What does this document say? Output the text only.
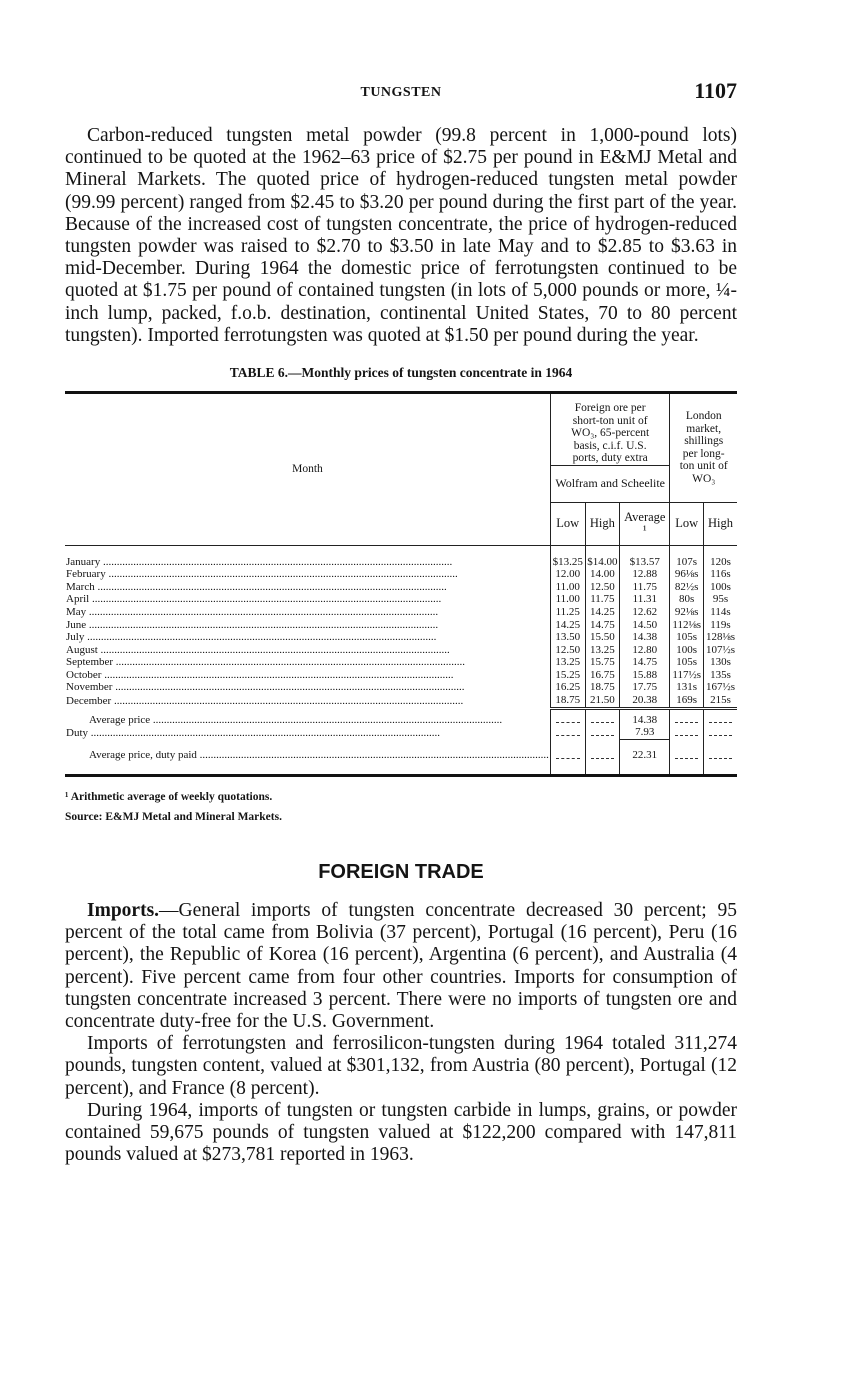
TUNGSTEN	1107

Carbon-reduced tungsten metal powder (99.8 percent in 1,000-pound lots) continued to be quoted at the 1962–63 price of $2.75 per pound in E&MJ Metal and Mineral Markets. The quoted price of hydrogen-reduced tungsten metal powder (99.99 percent) ranged from $2.45 to $3.20 per pound during the first part of the year. Because of the increased cost of tungsten concentrate, the price of hydrogen-reduced tungsten powder was raised to $2.70 to $3.50 in late May and to $2.85 to $3.63 in mid-December. During 1964 the domestic price of ferrotungsten continued to be quoted at $1.75 per pound of contained tungsten (in lots of 5,000 pounds or more, ¼-inch lump, packed, f.o.b. destination, continental United States, 70 to 80 percent tungsten). Imported ferrotungsten was quoted at $1.50 per pound during the year.

TABLE 6.—Monthly prices of tungsten concentrate in 1964
Month	Foreign ore per short-ton unit of WO₃, 65-percent basis, c.i.f. U.S. ports, duty extra			London market, shillings per long-ton unit of WO₃	
	Wolfram and Scheelite				
	Low	High	Average ¹	Low	High

January .....	$13.25	$14.00	$13.57	107s	120s
February .....	12.00	14.00	12.88	96⅛s	116s
March .....	11.00	12.50	11.75	82½s	100s
April .....	11.00	11.75	11.31	80s	95s
May .....	11.25	14.25	12.62	92⅛s	114s
June .....	14.25	14.75	14.50	112⅛s	119s
July .....	13.50	15.50	14.38	105s	128⅛s
August .....	12.50	13.25	12.80	100s	107½s
September .....	13.25	15.75	14.75	105s	130s
October .....	15.25	16.75	15.88	117½s	135s
November .....	16.25	18.75	17.75	131s	167½s
December .....	18.75	21.50	20.38	169s	215s

Average price .....			14.38	

Duty .....			7.93	

Average price, duty paid .....			22.31	

¹ Arithmetic average of weekly quotations.
Source: E&MJ Metal and Mineral Markets.
FOREIGN TRADE

Imports.—General imports of tungsten concentrate decreased 30 percent; 95 percent of the total came from Bolivia (37 percent), Portugal (16 percent), Peru (16 percent), the Republic of Korea (16 percent), Argentina (6 percent), and Australia (4 percent). Five percent came from four other countries. Imports for consumption of tungsten concentrate increased 3 percent. There were no imports of tungsten ore and concentrate duty-free for the U.S. Government.

Imports of ferrotungsten and ferrosilicon-tungsten during 1964 totaled 311,274 pounds, tungsten content, valued at $301,132, from Austria (80 percent), Portugal (12 percent), and France (8 percent).

During 1964, imports of tungsten or tungsten carbide in lumps, grains, or powder contained 59,675 pounds of tungsten valued at $122,200 compared with 147,811 pounds valued at $273,781 reported in 1963.
